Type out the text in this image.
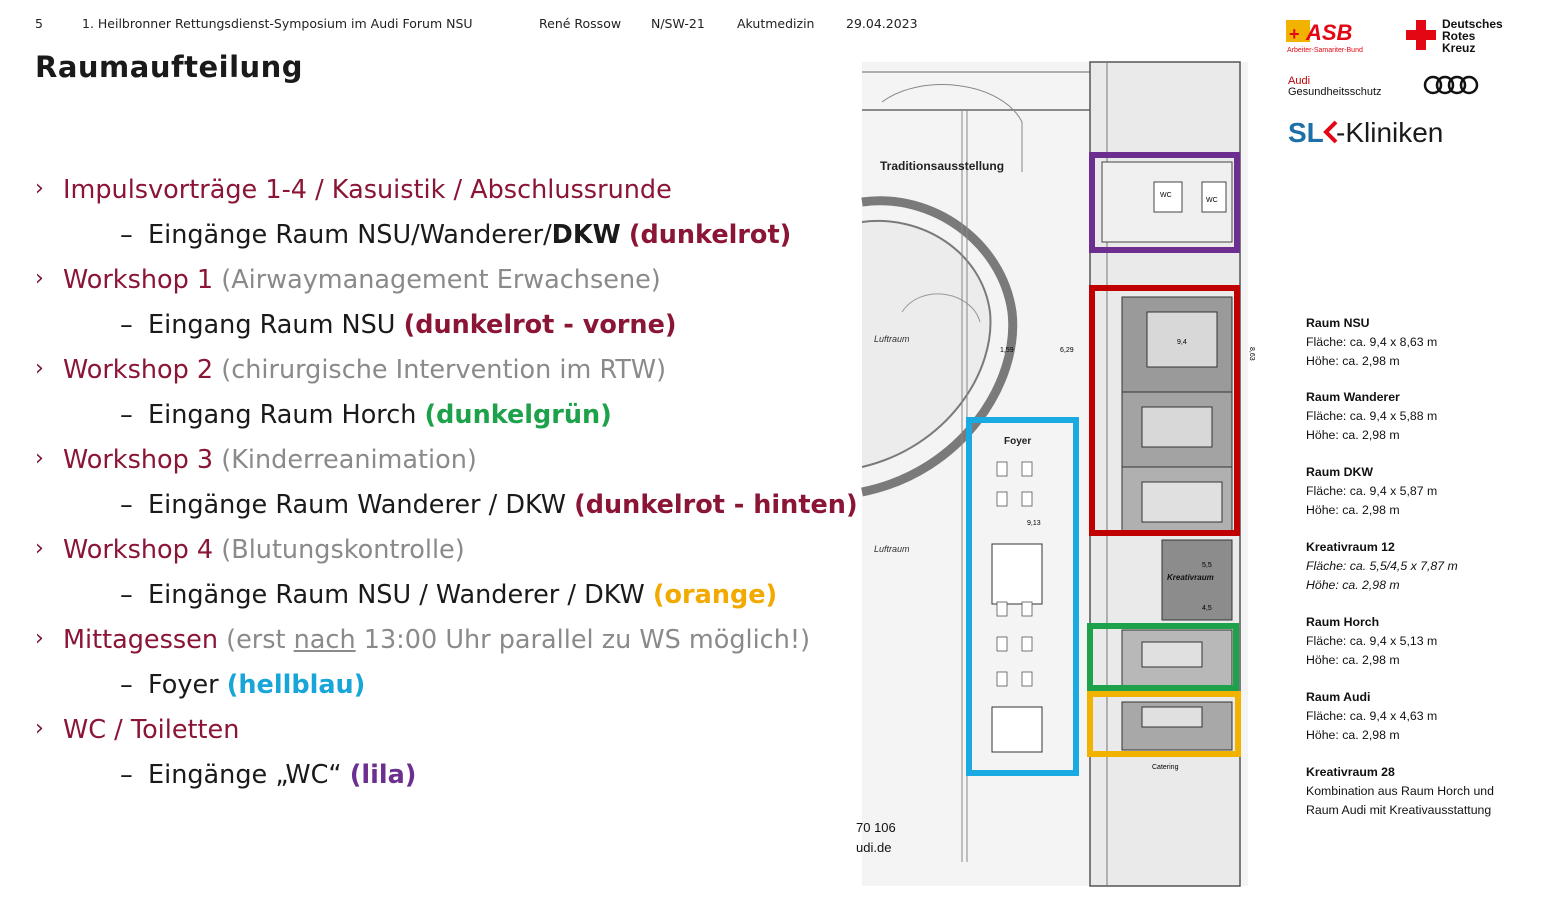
5	1. Heilbronner Rettungsdienst-Symposium im Audi Forum NSU	René Rossow N/SW-21	Akutmedizin	29.04.2023
Raumaufteilung
› Impulsvorträge 1-4 / Kasuistik / Abschlussrunde
– Eingänge Raum NSU/Wanderer/DKW (dunkelrot)
› Workshop 1 (Airwaymanagement Erwachsene)
– Eingang Raum NSU (dunkelrot - vorne)
› Workshop 2 (chirurgische Intervention im RTW)
– Eingang Raum Horch (dunkelgrün)
› Workshop 3 (Kinderreanimation)
– Eingänge Raum Wanderer / DKW (dunkelrot - hinten)
› Workshop 4 (Blutungskontrolle)
– Eingänge Raum NSU / Wanderer / DKW (orange)
› Mittagessen (erst nach 13:00 Uhr parallel zu WS möglich!)
– Foyer (hellblau)
› WC / Toiletten
– Eingänge „WC“ (lila)
Traditionsausstellung
Luftraum
Luftraum
WC
WC
9,4
8,63
Kreativraum
5,5
4,5
Catering
Foyer
9,13
6,29
1,59
70 106
udi.de
+ ASB
Arbeiter-Samariter-Bund
Deutsches
Rotes
Kreuz
Audi
Gesundheitsschutz
SL -Kliniken
Raum NSU
Fläche: ca. 9,4 x 8,63 m
Höhe: ca. 2,98 m
Raum Wanderer
Fläche: ca. 9,4 x 5,88 m
Höhe: ca. 2,98 m
Raum DKW
Fläche: ca. 9,4 x 5,87 m
Höhe: ca. 2,98 m
Kreativraum 12
Fläche: ca. 5,5/4,5 x 7,87 m
Höhe: ca. 2,98 m
Raum Horch
Fläche: ca. 9,4 x 5,13 m
Höhe: ca. 2,98 m
Raum Audi
Fläche: ca. 9,4 x 4,63 m
Höhe: ca. 2,98 m
Kreativraum 28
Kombination aus Raum Horch und
Raum Audi mit Kreativausstattung
